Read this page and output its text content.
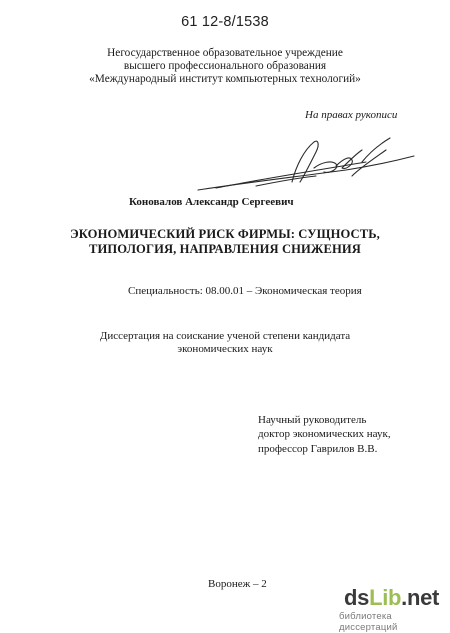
61 12-8/1538
Негосударственное образовательное учреждение
высшего профессионального образования
«Международный институт компьютерных технологий»
На правах рукописи
Коновалов Александр Сергеевич
ЭКОНОМИЧЕСКИЙ РИСК ФИРМЫ: СУЩНОСТЬ,
ТИПОЛОГИЯ, НАПРАВЛЕНИЯ СНИЖЕНИЯ
Специальность: 08.00.01 – Экономическая теория
Диссертация на соискание ученой степени кандидата
экономических наук
Научный руководитель
доктор экономических наук,
профессор Гаврилов В.В.
Воронеж – 2
dsLib.net
библиотека диссертаций
